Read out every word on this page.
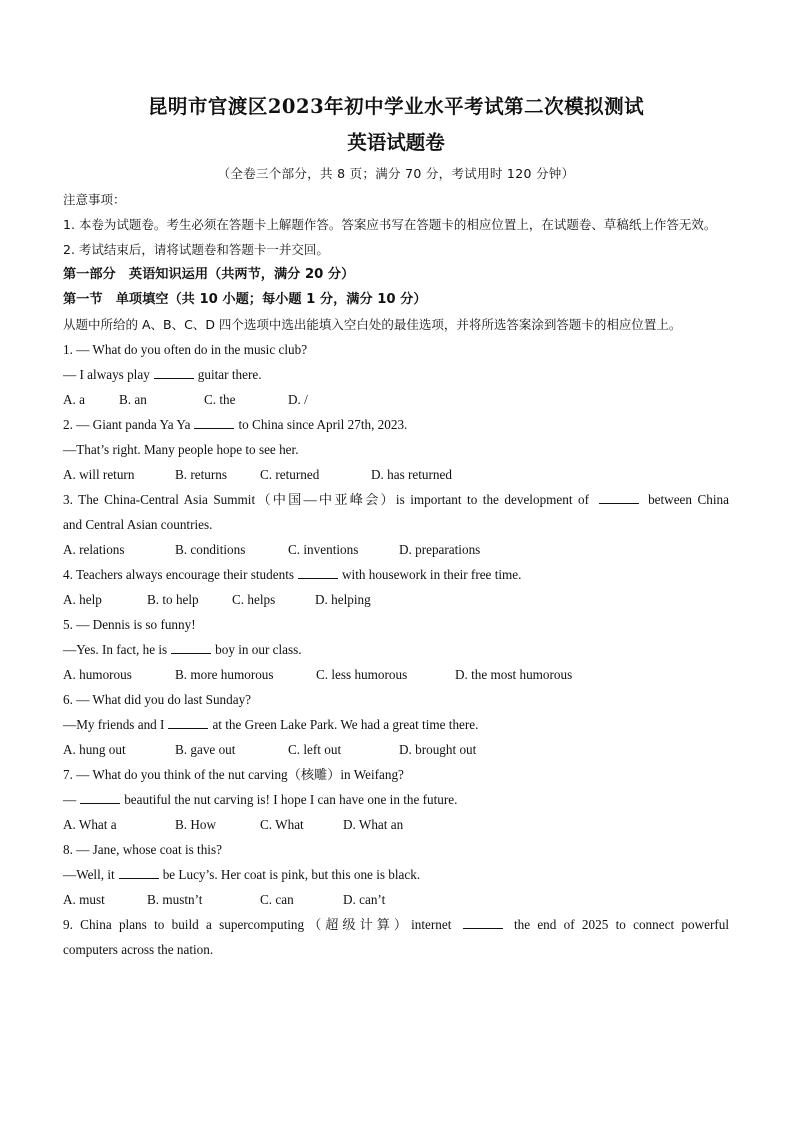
昆明市官渡区2023年初中学业水平考试第二次模拟测试
英语试题卷
（全卷三个部分，共 8 页；满分 70 分，考试用时 120 分钟）
注意事项：
1. 本卷为试题卷。考生必须在答题卡上解题作答。答案应书写在答题卡的相应位置上，在试题卷、草稿纸上作答无效。
2. 考试结束后，请将试题卷和答题卡一并交回。
第一部分　英语知识运用（共两节，满分 20 分）
第一节　单项填空（共 10 小题；每小题 1 分，满分 10 分）
从题中所给的 A、B、C、D 四个选项中选出能填入空白处的最佳选项，并将所选答案涂到答题卡的相应位置上。
1. — What do you often do in the music club?
— I always play	guitar there.
A. a	B. an	C. the	D. /
2. — Giant panda Ya Ya	to China since April 27th, 2023.
—That’s right. Many people hope to see her.
A. will return	B. returns	C. returned	D. has returned
3. The China-Central Asia Summit（中国—中亚峰会）is important to the development of	between China
and Central Asian countries.
A. relations	B. conditions	C. inventions	D. preparations
4. Teachers always encourage their students	with housework in their free time.
A. help	B. to help	C. helps	D. helping
5. — Dennis is so funny!
—Yes. In fact, he is	boy in our class.
A. humorous	B. more humorous	C. less humorous	D. the most humorous
6. — What did you do last Sunday?
—My friends and I	at the Green Lake Park. We had a great time there.
A. hung out	B. gave out	C. left out	D. brought out
7. — What do you think of the nut carving（核雕）in Weifang?
—	beautiful the nut carving is! I hope I can have one in the future.
A. What a	B. How	C. What	D. What an
8. — Jane, whose coat is this?
—Well, it	be Lucy’s. Her coat is pink, but this one is black.
A. must	B. mustn’t	C. can	D. can’t
9. China plans to build a supercomputing（超级计算）internet	the end of 2025 to connect powerful
computers across the nation.
